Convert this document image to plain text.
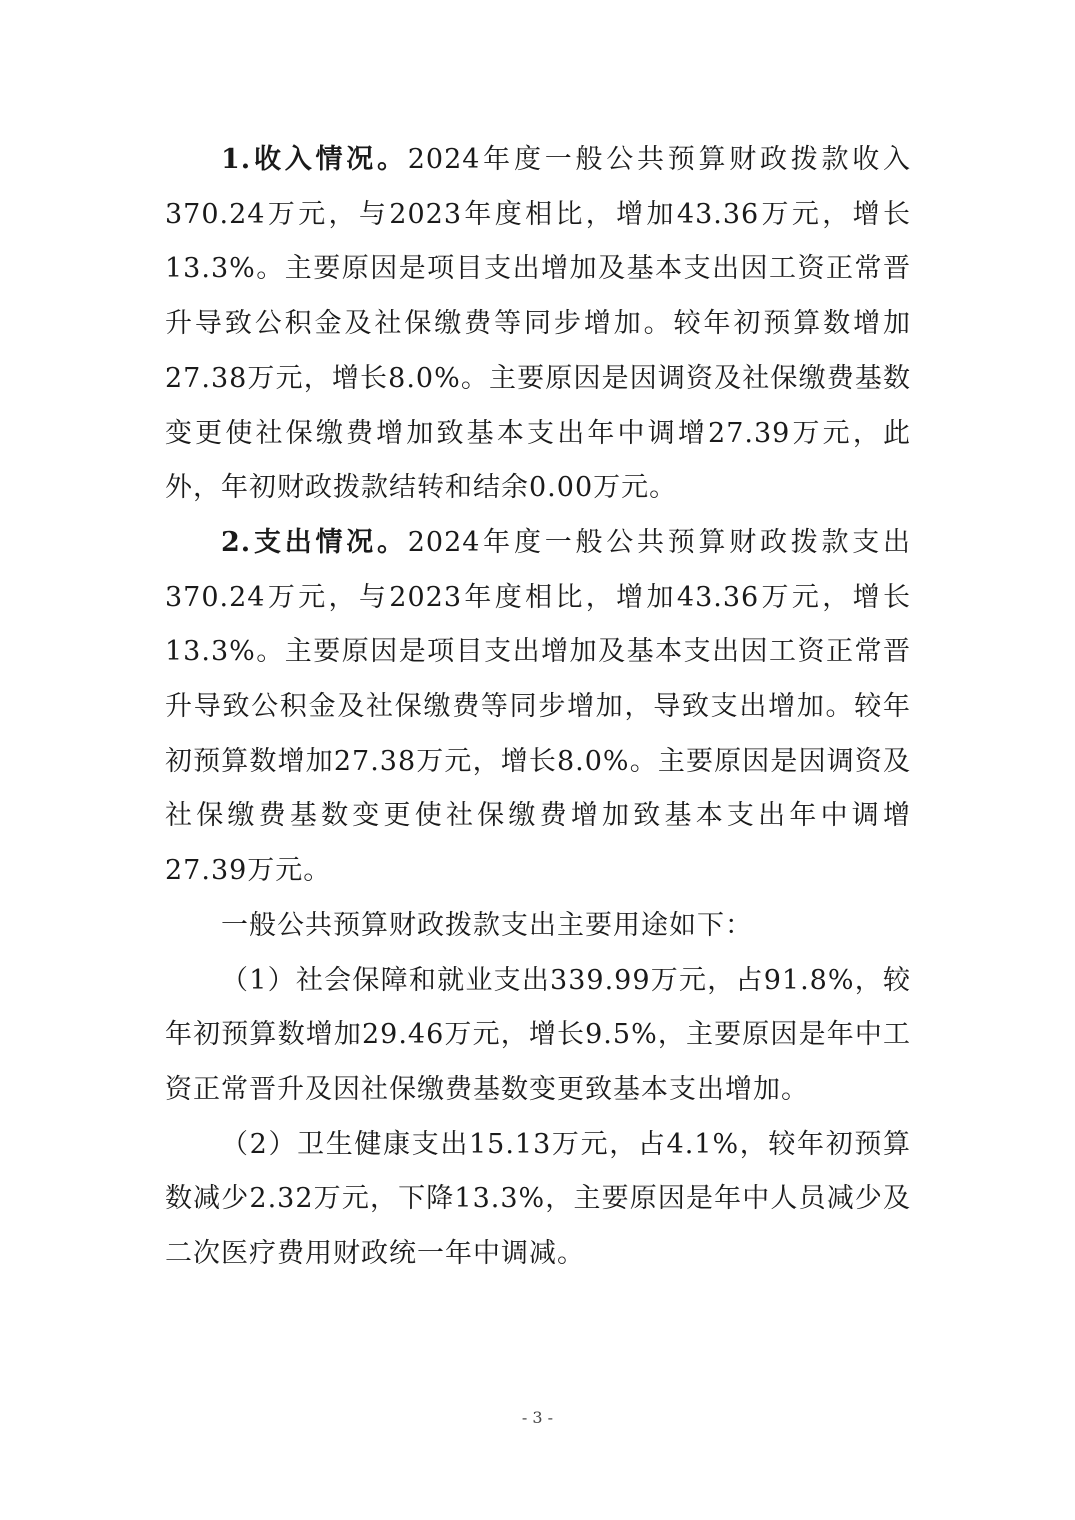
1.收入情况。2024年度一般公共预算财政拨款收入370.24万元，与2023年度相比，增加43.36万元，增长13.3%。主要原因是项目支出增加及基本支出因工资正常晋升导致公积金及社保缴费等同步增加。较年初预算数增加27.38万元，增长8.0%。主要原因是因调资及社保缴费基数变更使社保缴费增加致基本支出年中调增27.39万元，此外，年初财政拨款结转和结余0.00万元。

2.支出情况。2024年度一般公共预算财政拨款支出370.24万元，与2023年度相比，增加43.36万元，增长13.3%。主要原因是项目支出增加及基本支出因工资正常晋升导致公积金及社保缴费等同步增加，导致支出增加。较年初预算数增加27.38万元，增长8.0%。主要原因是因调资及社保缴费基数变更使社保缴费增加致基本支出年中调增27.39万元。

一般公共预算财政拨款支出主要用途如下：

（1）社会保障和就业支出339.99万元，占91.8%，较年初预算数增加29.46万元，增长9.5%，主要原因是年中工资正常晋升及因社保缴费基数变更致基本支出增加。

（2）卫生健康支出15.13万元，占4.1%，较年初预算数减少2.32万元，下降13.3%，主要原因是年中人员减少及二次医疗费用财政统一年中调减。

- 3 -
